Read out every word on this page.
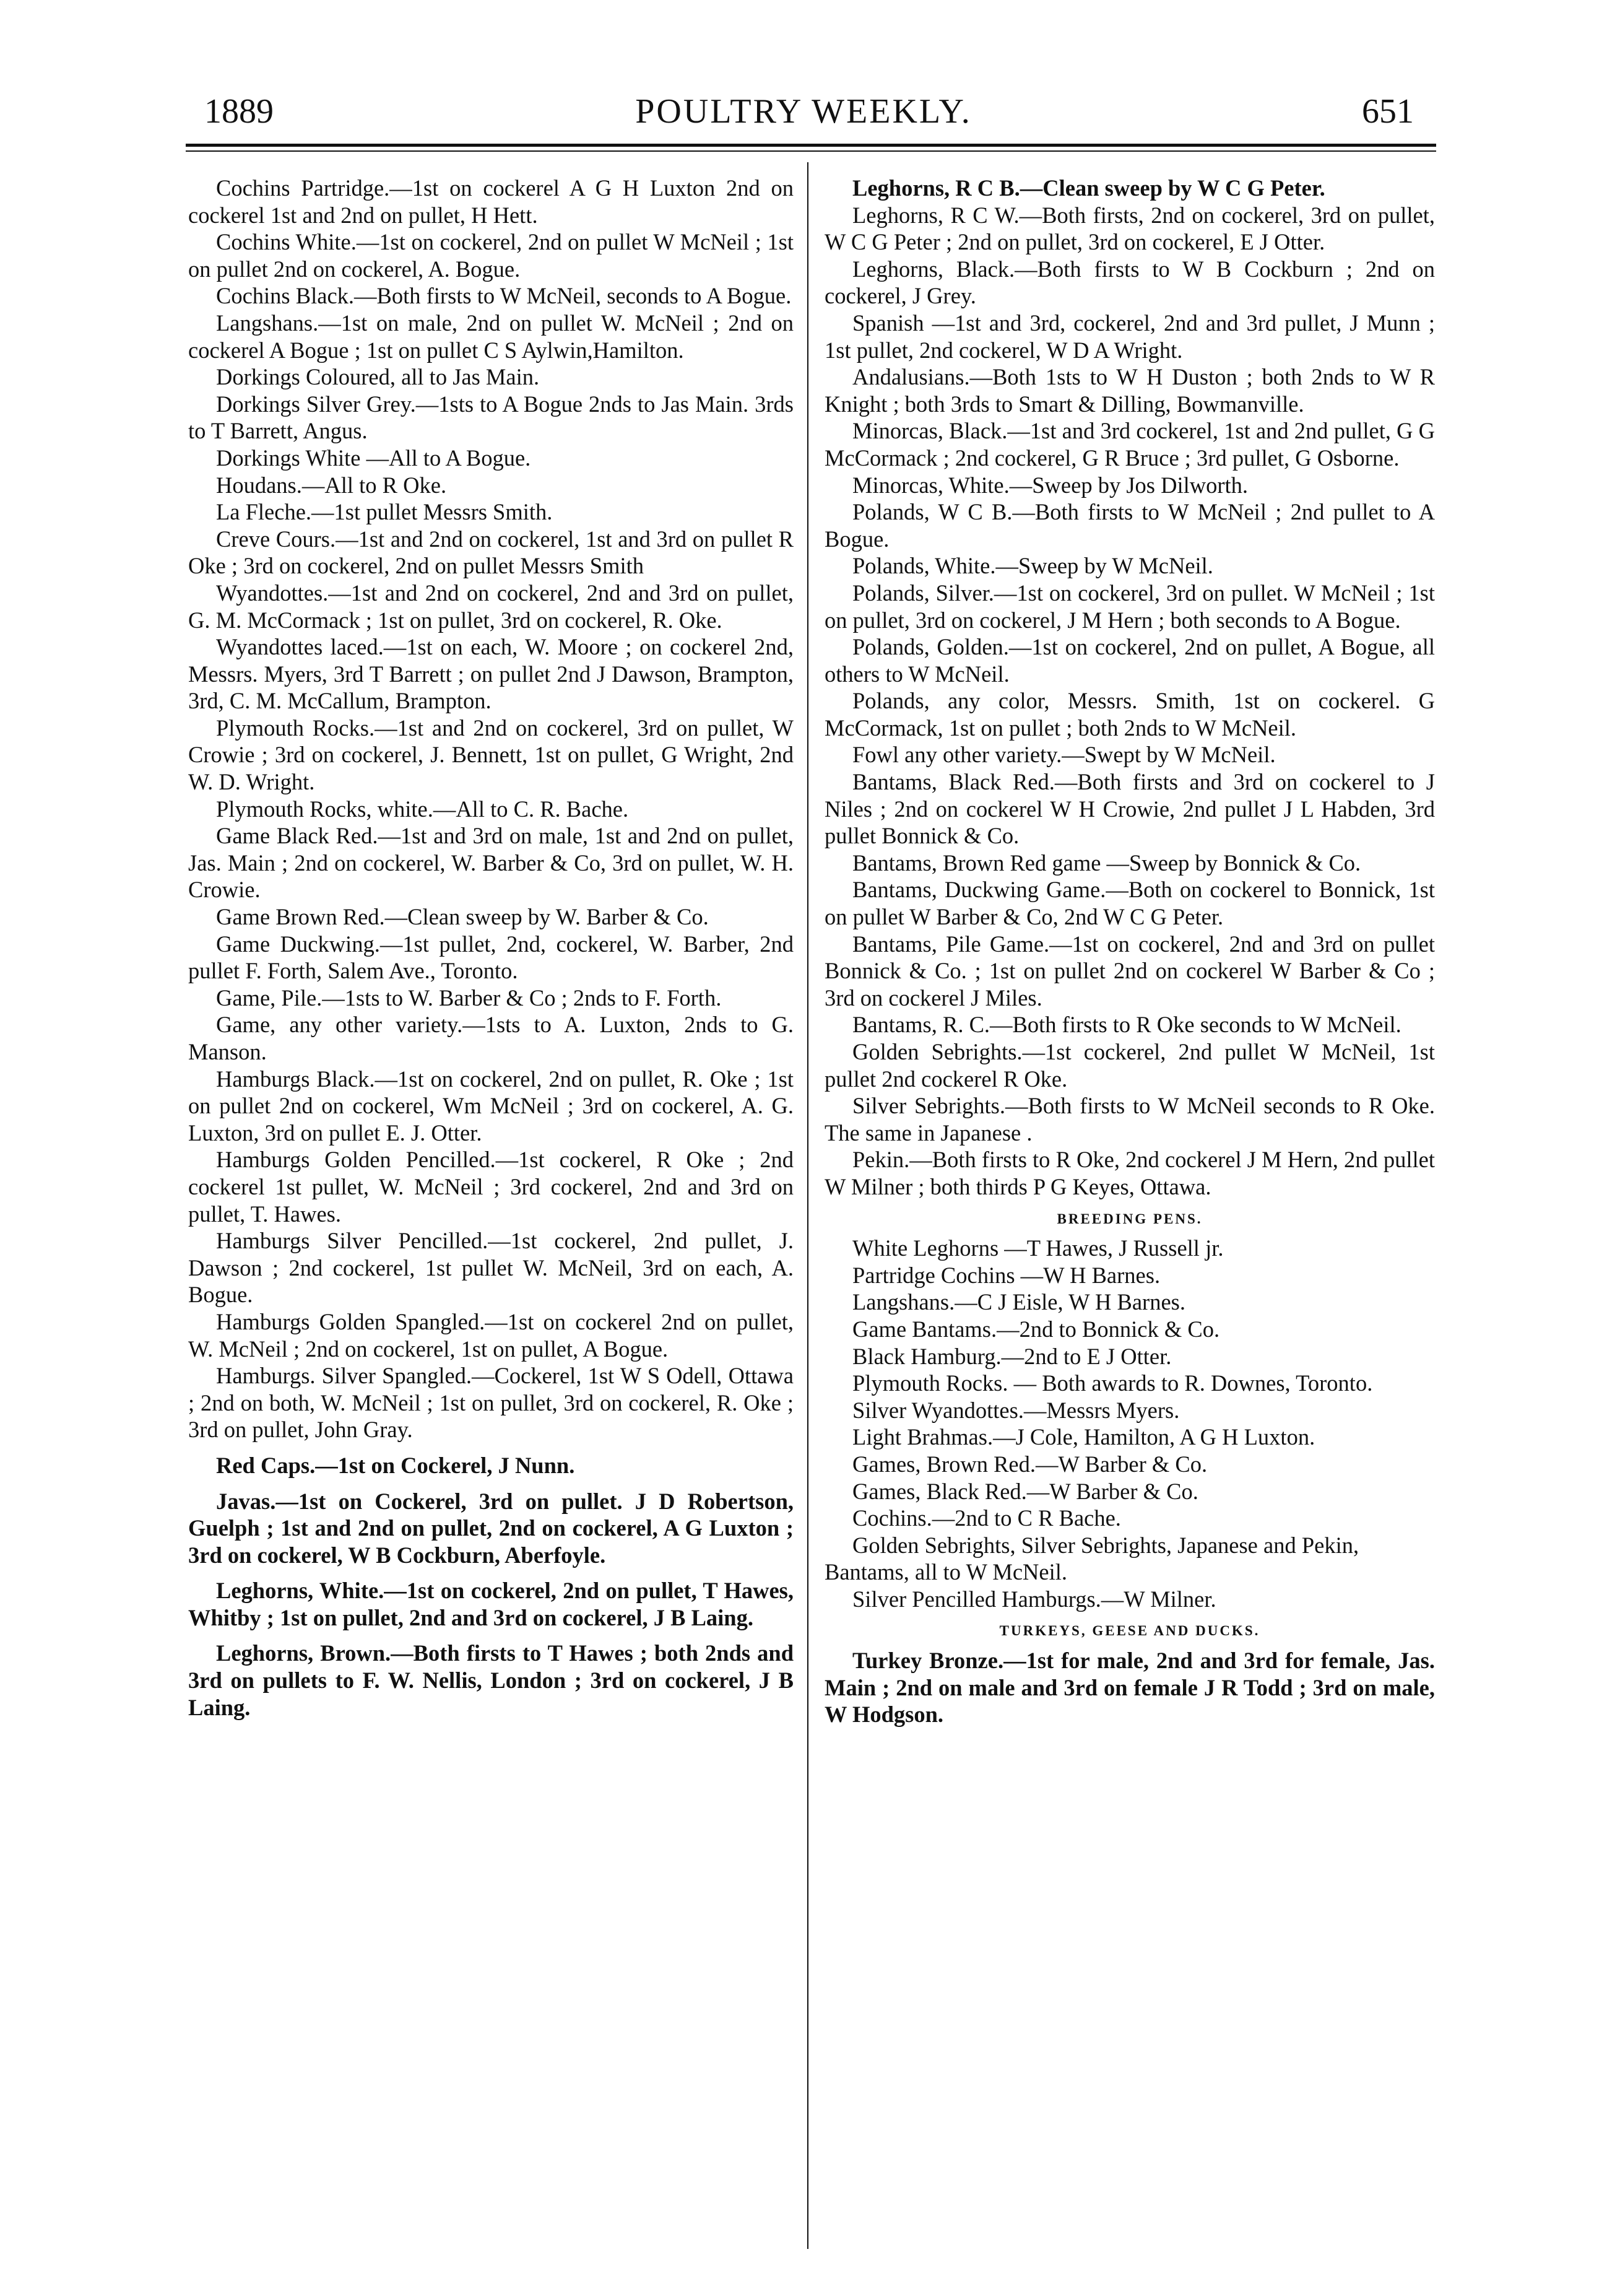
1889	POULTRY WEEKLY.	651

Cochins Partridge.—1st on cockerel A G H Luxton 2nd on cockerel 1st and 2nd on pullet, H Hett.

Cochins White.—1st on cockerel, 2nd on pullet W McNeil ; 1st on pullet 2nd on cockerel, A. Bogue.

Cochins Black.—Both firsts to W McNeil, seconds to A Bogue.

Langshans.—1st on male, 2nd on pullet W. McNeil ; 2nd on cockerel A Bogue ; 1st on pullet C S Aylwin,Hamilton.

Dorkings Coloured, all to Jas Main.

Dorkings Silver Grey.—1sts to A Bogue 2nds to Jas Main. 3rds to T Barrett, Angus.

Dorkings White —All to A Bogue.

Houdans.—All to R Oke.

La Fleche.—1st pullet Messrs Smith.

Creve Cours.—1st and 2nd on cockerel, 1st and 3rd on pullet R Oke ; 3rd on cockerel, 2nd on pullet Messrs Smith

Wyandottes.—1st and 2nd on cockerel, 2nd and 3rd on pullet, G. M. McCormack ; 1st on pullet, 3rd on cockerel, R. Oke.

Wyandottes laced.—1st on each, W. Moore ; on cockerel 2nd, Messrs. Myers, 3rd T Barrett ; on pullet 2nd J Dawson, Brampton, 3rd, C. M. McCallum, Brampton.

Plymouth Rocks.—1st and 2nd on cockerel, 3rd on pullet, W Crowie ; 3rd on cockerel, J. Bennett, 1st on pullet, G Wright, 2nd W. D. Wright.

Plymouth Rocks, white.—All to C. R. Bache.

Game Black Red.—1st and 3rd on male, 1st and 2nd on pullet, Jas. Main ; 2nd on cockerel, W. Barber & Co, 3rd on pullet, W. H. Crowie.

Game Brown Red.—Clean sweep by W. Barber & Co.

Game Duckwing.—1st pullet, 2nd, cockerel, W. Barber, 2nd pullet F. Forth, Salem Ave., Toronto.

Game, Pile.—1sts to W. Barber & Co ; 2nds to F. Forth.

Game, any other variety.—1sts to A. Luxton, 2nds to G. Manson.

Hamburgs Black.—1st on cockerel, 2nd on pullet, R. Oke ; 1st on pullet 2nd on cockerel, Wm McNeil ; 3rd on cockerel, A. G. Luxton, 3rd on pullet E. J. Otter.

Hamburgs Golden Pencilled.—1st cockerel, R Oke ; 2nd cockerel 1st pullet, W. McNeil ; 3rd cockerel, 2nd and 3rd on pullet, T. Hawes.

Hamburgs Silver Pencilled.—1st cockerel, 2nd pullet, J. Dawson ; 2nd cockerel, 1st pullet W. McNeil, 3rd on each, A. Bogue.

Hamburgs Golden Spangled.—1st on cockerel 2nd on pullet, W. McNeil ; 2nd on cockerel, 1st on pullet, A Bogue.

Hamburgs. Silver Spangled.—Cockerel, 1st W S Odell, Ottawa ; 2nd on both, W. McNeil ; 1st on pullet, 3rd on cockerel, R. Oke ; 3rd on pullet, John Gray.

Red Caps.—1st on Cockerel, J Nunn.

Javas.—1st on Cockerel, 3rd on pullet. J D Robertson, Guelph ; 1st and 2nd on pullet, 2nd on cockerel, A G Luxton ; 3rd on cockerel, W B Cockburn, Aberfoyle.

Leghorns, White.—1st on cockerel, 2nd on pullet, T Hawes, Whitby ; 1st on pullet, 2nd and 3rd on cockerel, J B Laing.

Leghorns, Brown.—Both firsts to T Hawes ; both 2nds and 3rd on pullets to F. W. Nellis, London ; 3rd on cockerel, J B Laing.

Leghorns, R C B.—Clean sweep by W C G Peter.

Leghorns, R C W.—Both firsts, 2nd on cockerel, 3rd on pullet, W C G Peter ; 2nd on pullet, 3rd on cockerel, E J Otter.

Leghorns, Black.—Both firsts to W B Cockburn ; 2nd on cockerel, J Grey.

Spanish —1st and 3rd, cockerel, 2nd and 3rd pullet, J Munn ; 1st pullet, 2nd cockerel, W D A Wright.

Andalusians.—Both 1sts to W H Duston ; both 2nds to W R Knight ; both 3rds to Smart & Dilling, Bowmanville.

Minorcas, Black.—1st and 3rd cockerel, 1st and 2nd pullet, G G McCormack ; 2nd cockerel, G R Bruce ; 3rd pullet, G Osborne.

Minorcas, White.—Sweep by Jos Dilworth.

Polands, W C B.—Both firsts to W McNeil ; 2nd pullet to A Bogue.

Polands, White.—Sweep by W McNeil.

Polands, Silver.—1st on cockerel, 3rd on pullet. W McNeil ; 1st on pullet, 3rd on cockerel, J M Hern ; both seconds to A Bogue.

Polands, Golden.—1st on cockerel, 2nd on pullet, A Bogue, all others to W McNeil.

Polands, any color, Messrs. Smith, 1st on cockerel. G McCormack, 1st on pullet ; both 2nds to W McNeil.

Fowl any other variety.—Swept by W McNeil.

Bantams, Black Red.—Both firsts and 3rd on cockerel to J Niles ; 2nd on cockerel W H Crowie, 2nd pullet J L Habden, 3rd pullet Bonnick & Co.

Bantams, Brown Red game —Sweep by Bonnick & Co.

Bantams, Duckwing Game.—Both on cockerel to Bonnick, 1st on pullet W Barber & Co, 2nd W C G Peter.

Bantams, Pile Game.—1st on cockerel, 2nd and 3rd on pullet Bonnick & Co. ; 1st on pullet 2nd on cockerel W Barber & Co ; 3rd on cockerel J Miles.

Bantams, R. C.—Both firsts to R Oke seconds to W McNeil.

Golden Sebrights.—1st cockerel, 2nd pullet W McNeil, 1st pullet 2nd cockerel R Oke.

Silver Sebrights.—Both firsts to W McNeil seconds to R Oke. The same in Japanese .

Pekin.—Both firsts to R Oke, 2nd cockerel J M Hern, 2nd pullet W Milner ; both thirds P G Keyes, Ottawa.

BREEDING PENS.

White Leghorns —T Hawes, J Russell jr.

Partridge Cochins —W H Barnes.

Langshans.—C J Eisle, W H Barnes.

Game Bantams.—2nd to Bonnick & Co.

Black Hamburg.—2nd to E J Otter.

Plymouth Rocks. — Both awards to R. Downes, Toronto.

Silver Wyandottes.—Messrs Myers.

Light Brahmas.—J Cole, Hamilton, A G H Luxton.

Games, Brown Red.—W Barber & Co.

Games, Black Red.—W Barber & Co.

Cochins.—2nd to C R Bache.

Golden Sebrights, Silver Sebrights, Japanese and Pekin, Bantams, all to W McNeil.

Silver Pencilled Hamburgs.—W Milner.

TURKEYS, GEESE AND DUCKS.

Turkey Bronze.—1st for male, 2nd and 3rd for female, Jas. Main ; 2nd on male and 3rd on female J R Todd ; 3rd on male, W Hodgson.
